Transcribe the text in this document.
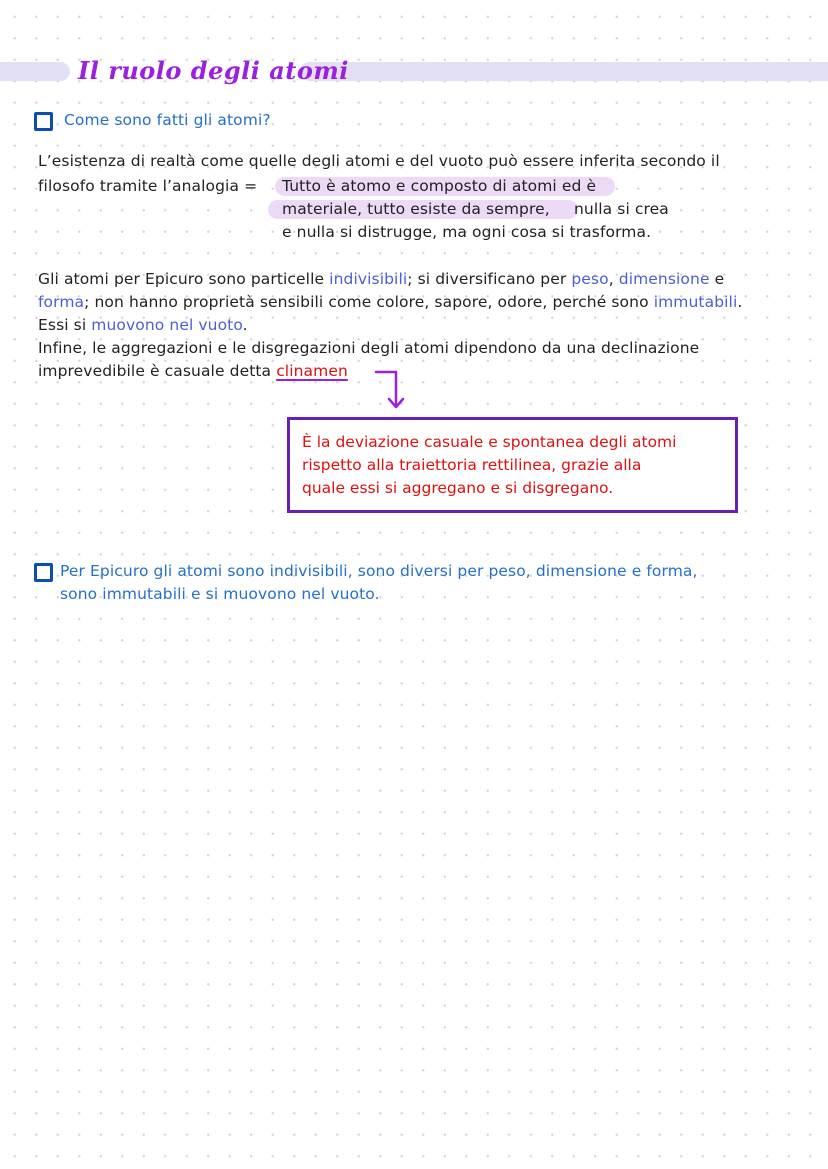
Il ruolo degli atomi
Come sono fatti gli atomi?
L’esistenza di realtà come quelle degli atomi e del vuoto può essere inferita secondo il
filosofo tramite l’analogia = Tutto è atomo e composto di atomi ed è
materiale, tutto esiste da sempre, nulla si crea
e nulla si distrugge, ma ogni cosa si trasforma.
Gli atomi per Epicuro sono particelle indivisibili; si diversificano per peso, dimensione e
forma; non hanno proprietà sensibili come colore, sapore, odore, perché sono immutabili.
Essi si muovono nel vuoto.
Infine, le aggregazioni e le disgregazioni degli atomi dipendono da una declinazione
imprevedibile è casuale detta clinamen
È la deviazione casuale e spontanea degli atomi
rispetto alla traiettoria rettilinea, grazie alla
quale essi si aggregano e si disgregano.
Per Epicuro gli atomi sono indivisibili, sono diversi per peso, dimensione e forma,
sono immutabili e si muovono nel vuoto.
